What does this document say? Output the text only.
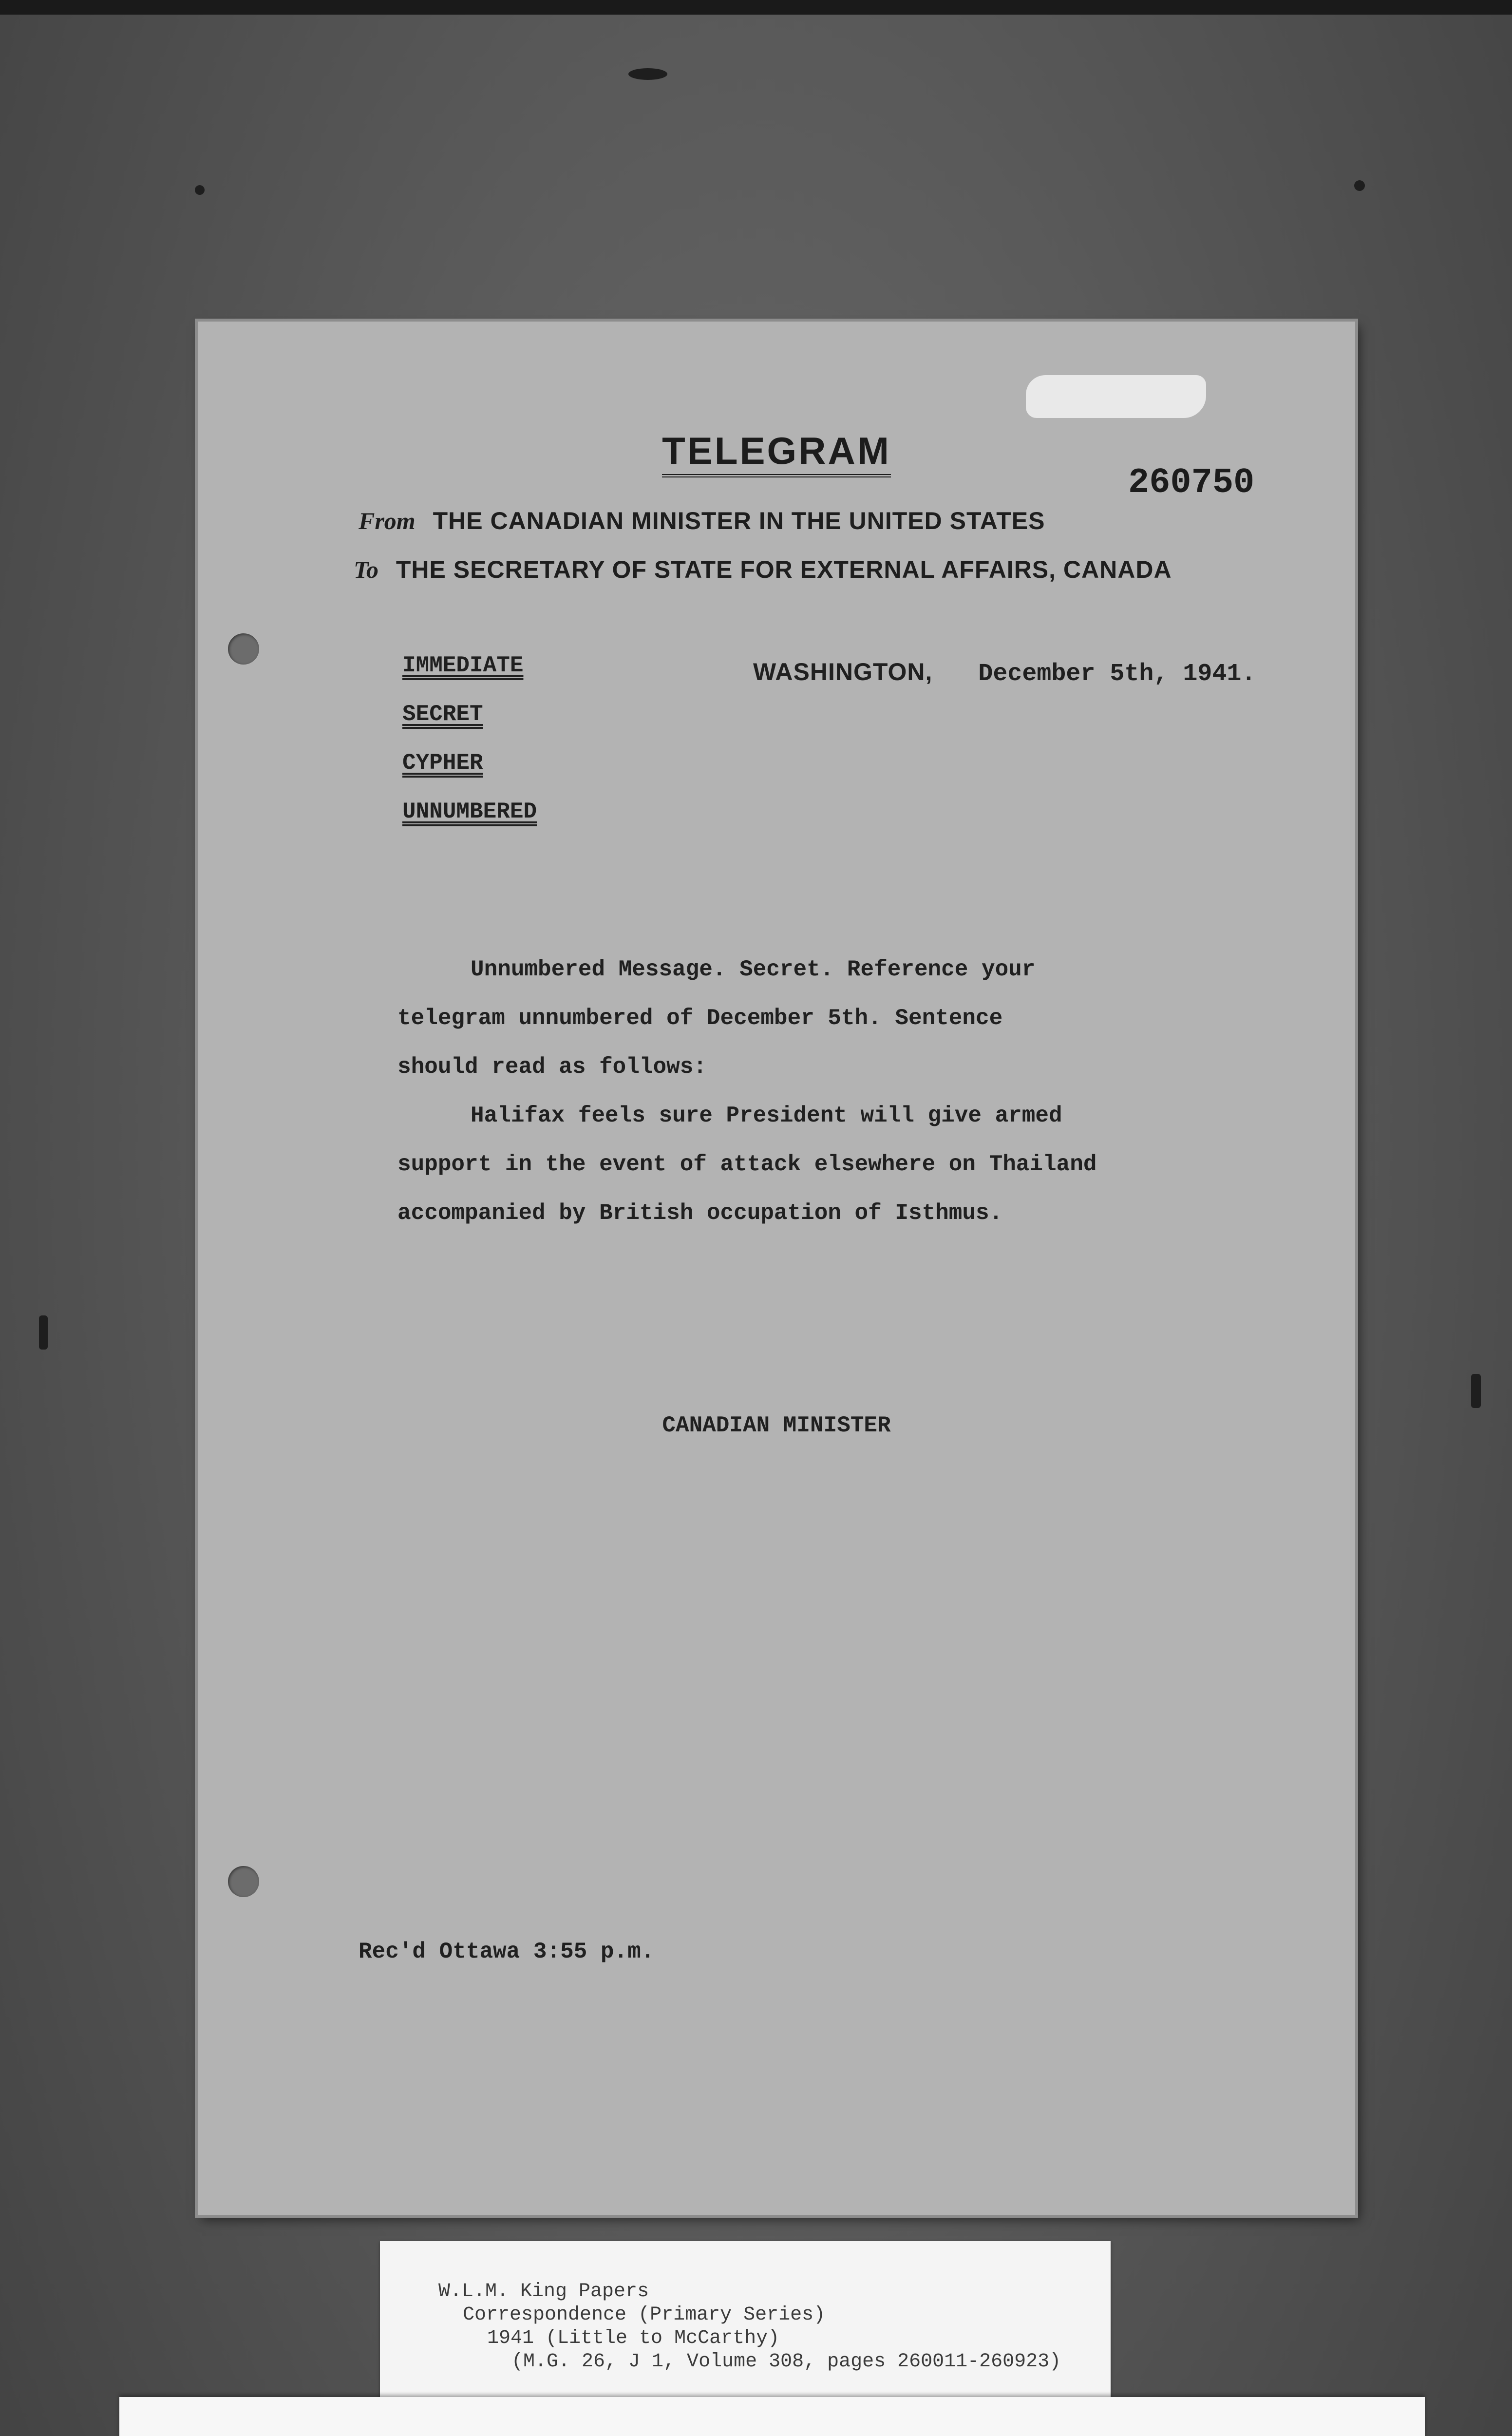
TELEGRAM
260750
From THE CANADIAN MINISTER IN THE UNITED STATES
To THE SECRETARY OF STATE FOR EXTERNAL AFFAIRS, CANADA
IMMEDIATE
SECRET
CYPHER
UNNUMBERED
WASHINGTON, December 5th, 1941.

Unnumbered Message. Secret. Reference your

telegram unnumbered of December 5th. Sentence

should read as follows:

Halifax feels sure President will give armed

support in the event of attack elsewhere on Thailand

accompanied by British occupation of Isthmus.

CANADIAN MINISTER
Rec'd Ottawa 3:55 p.m.
W.L.M. King Papers
Correspondence (Primary Series)
1941 (Little to McCarthy)
(M.G. 26, J 1, Volume 308, pages 260011-260923)
